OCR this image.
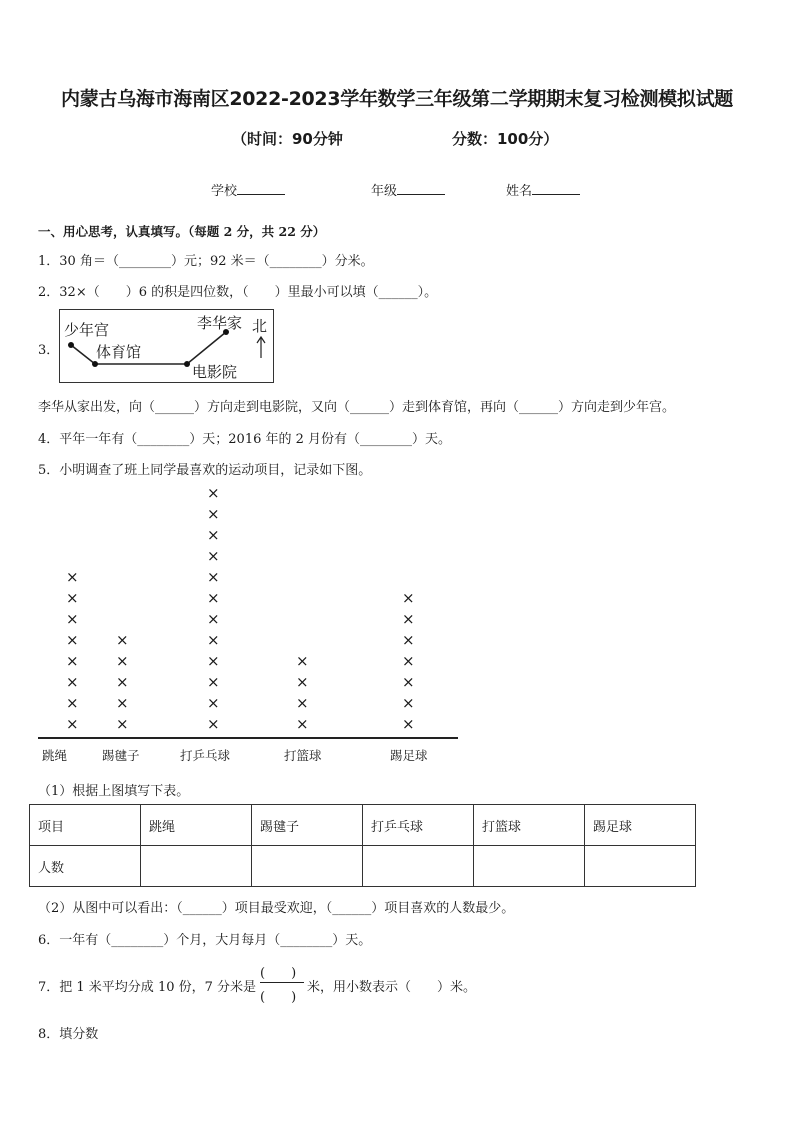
内蒙古乌海市海南区2022-2023学年数学三年级第二学期期末复习检测模拟试题
（时间：90分钟	分数：100分）
学校	年级	姓名
一、用心思考，认真填写。（每题 2 分，共 22 分）
1．30 角＝（________）元；92 米＝（________）分米。
2．32×（　　）6 的积是四位数，（　　）里最小可以填（______）。
3．
少年宫
体育馆
李华家
电影院
北
李华从家出发，向（______）方向走到电影院，又向（______）走到体育馆，再向（______）方向走到少年宫。
4．平年一年有（________）天；2016 年的 2 月份有（________）天。
5．小明调查了班上同学最喜欢的运动项目，记录如下图。
×
×
×
×
×
×
×
×
×
×
×
×
×
×
×
×
×
×
×
×
×
×
×
×
×
×
×
×
×
×
×
×
×
×
×
×
跳绳	踢毽子	打乒乓球	打篮球	踢足球
（1）根据上图填写下表。
项目	跳绳	踢毽子	打乒乓球	打篮球	踢足球
人数					
（2）从图中可以看出：（______）项目最受欢迎，（______）项目喜欢的人数最少。
6．一年有（________）个月，大月每月（________）天。
7．把 1 米平均分成 10 份，7 分米是
(　　)
(　　)
米，用小数表示（　　）米。
8．填分数
